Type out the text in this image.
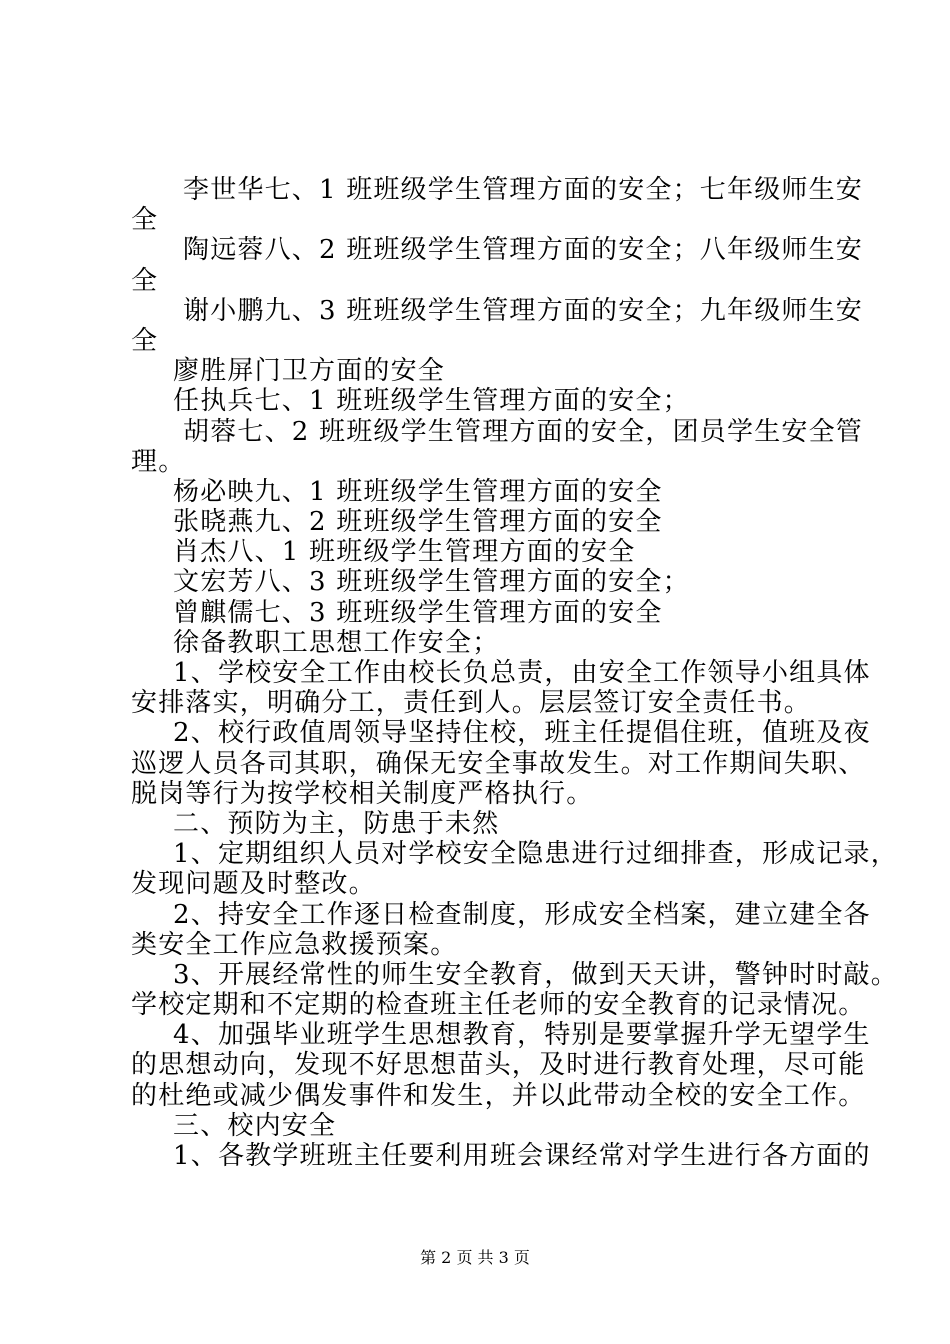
李世华七、1 班班级学生管理方面的安全；七年级师生安
全
陶远蓉八、2 班班级学生管理方面的安全；八年级师生安
全
谢小鹏九、3 班班级学生管理方面的安全；九年级师生安
全
廖胜屏门卫方面的安全
任执兵七、1 班班级学生管理方面的安全；
胡蓉七、2 班班级学生管理方面的安全，团员学生安全管
理。
杨必映九、1 班班级学生管理方面的安全
张晓燕九、2 班班级学生管理方面的安全
肖杰八、1 班班级学生管理方面的安全
文宏芳八、3 班班级学生管理方面的安全；
曾麒儒七、3 班班级学生管理方面的安全
徐备教职工思想工作安全；
1、学校安全工作由校长负总责，由安全工作领导小组具体
安排落实，明确分工，责任到人。层层签订安全责任书。
2、校行政值周领导坚持住校，班主任提倡住班，值班及夜
巡逻人员各司其职，确保无安全事故发生。对工作期间失职、
脱岗等行为按学校相关制度严格执行。
二、预防为主，防患于未然
1、定期组织人员对学校安全隐患进行过细排查，形成记录，
发现问题及时整改。
2、持安全工作逐日检查制度，形成安全档案，建立建全各
类安全工作应急救援预案。
3、开展经常性的师生安全教育，做到天天讲，警钟时时敲。
学校定期和不定期的检查班主任老师的安全教育的记录情况。
4、加强毕业班学生思想教育，特别是要掌握升学无望学生
的思想动向，发现不好思想苗头，及时进行教育处理，尽可能
的杜绝或减少偶发事件和发生，并以此带动全校的安全工作。
三、校内安全
1、各教学班班主任要利用班会课经常对学生进行各方面的
第 2 页 共 3 页
